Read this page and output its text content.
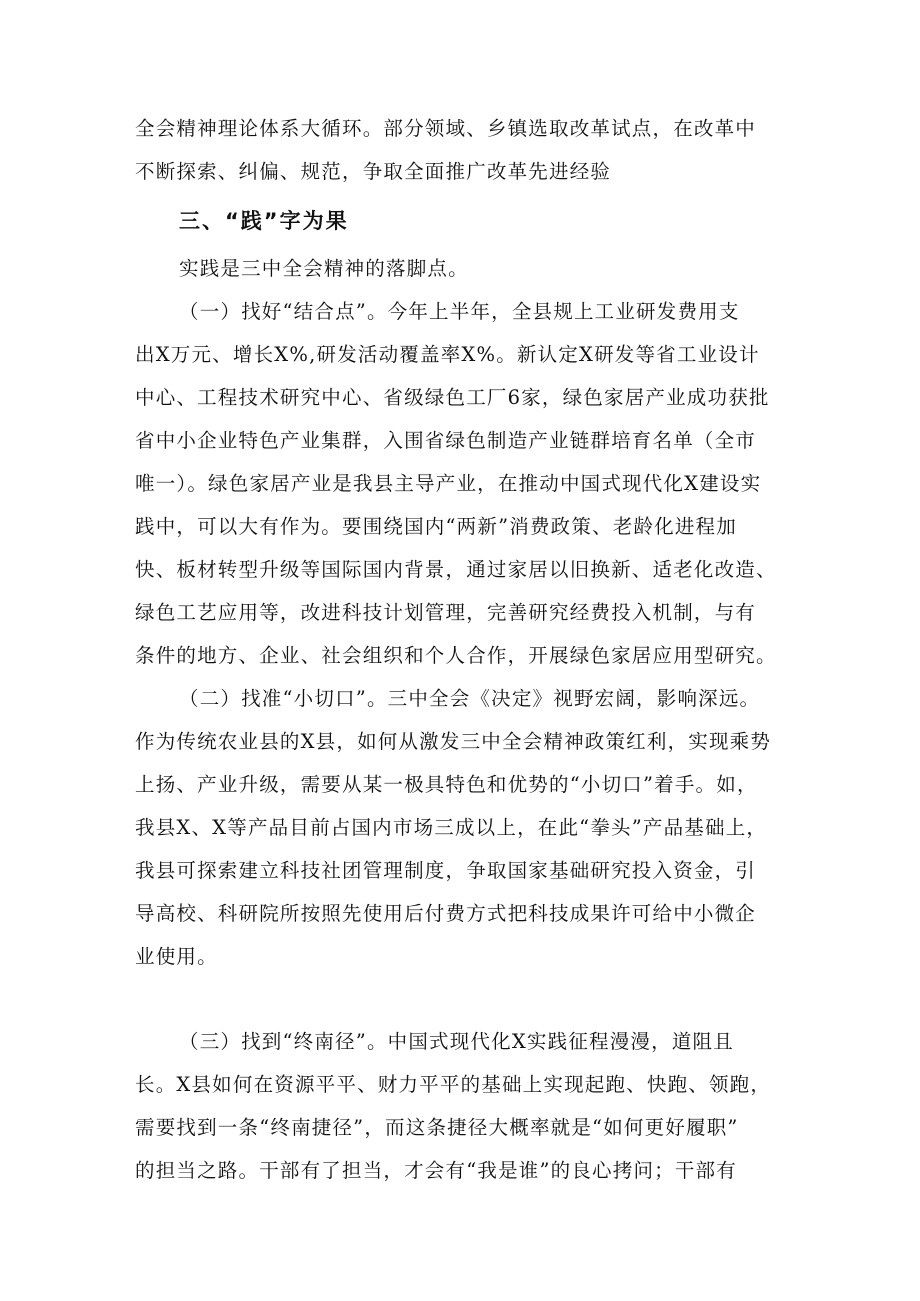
全会精神理论体系大循环。部分领域、乡镇选取改革试点，在改革中
不断探索、纠偏、规范，争取全面推广改革先进经验
三、“践”字为果
实践是三中全会精神的落脚点。
（一）找好“结合点”。今年上半年，全县规上工业研发费用支
出X万元、增长X%,研发活动覆盖率X%。新认定X研发等省工业设计
中心、工程技术研究中心、省级绿色工厂6家，绿色家居产业成功获批
省中小企业特色产业集群，入围省绿色制造产业链群培育名单（全市
唯一）。绿色家居产业是我县主导产业，在推动中国式现代化X建设实
践中，可以大有作为。要围绕国内“两新”消费政策、老龄化进程加
快、板材转型升级等国际国内背景，通过家居以旧换新、适老化改造、
绿色工艺应用等，改进科技计划管理，完善研究经费投入机制，与有
条件的地方、企业、社会组织和个人合作，开展绿色家居应用型研究。
（二）找准“小切口”。三中全会《决定》视野宏阔，影响深远。
作为传统农业县的X县，如何从激发三中全会精神政策红利，实现乘势
上扬、产业升级，需要从某一极具特色和优势的“小切口”着手。如，
我县X、X等产品目前占国内市场三成以上，在此“拳头”产品基础上，
我县可探索建立科技社团管理制度，争取国家基础研究投入资金，引
导高校、科研院所按照先使用后付费方式把科技成果许可给中小微企
业使用。
（三）找到“终南径”。中国式现代化X实践征程漫漫，道阻且
长。X县如何在资源平平、财力平平的基础上实现起跑、快跑、领跑，
需要找到一条“终南捷径”，而这条捷径大概率就是“如何更好履职”
的担当之路。干部有了担当，才会有“我是谁”的良心拷问；干部有
